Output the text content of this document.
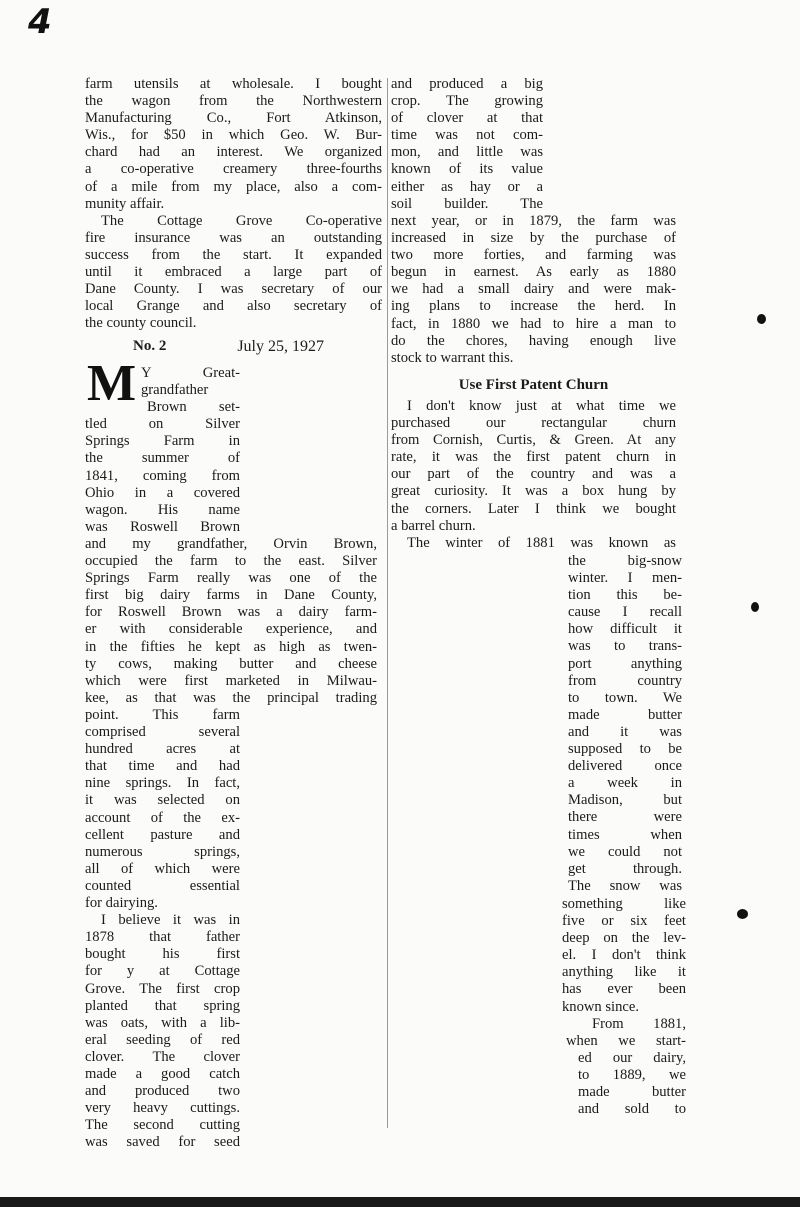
4
farm utensils at wholesale. I bought
the wagon from the Northwestern
Manufacturing Co., Fort Atkinson,
Wis., for $50 in which Geo. W. Bur-
chard had an interest. We organized
a co-operative creamery three-fourths
of a mile from my place, also a com-
munity affair.
The Cottage Grove Co-operative
fire insurance was an outstanding
success from the start. It expanded
until it embraced a large part of
Dane County. I was secretary of our
local Grange and also secretary of
the county council.
No. 2	July 25, 1927
M Y Great-
grandfather
Brown set-
tled on Silver
Springs Farm in
the summer of
1841, coming from
Ohio in a covered
wagon. His name
was Roswell Brown
and my grandfather, Orvin Brown,
occupied the farm to the east. Silver
Springs Farm really was one of the
first big dairy farms in Dane County,
for Roswell Brown was a dairy farm-
er with considerable experience, and
in the fifties he kept as high as twen-
ty cows, making butter and cheese
which were first marketed in Milwau-
kee, as that was the principal trading
point. This farm
comprised several
hundred acres at
that time and had
nine springs. In fact,
it was selected on
account of the ex-
cellent pasture and
numerous springs,
all of which were
counted essential
for dairying.
I believe it was in
1878 that father
bought his first
for y at Cottage
Grove. The first crop
planted that spring
was oats, with a lib-
eral seeding of red
clover. The clover
made a good catch
and produced two
very heavy cuttings.
The second cutting
was saved for seed
and produced a big
crop. The growing
of clover at that
time was not com-
mon, and little was
known of its value
either as hay or a
soil builder. The
next year, or in 1879, the farm was
increased in size by the purchase of
two more forties, and farming was
begun in earnest. As early as 1880
we had a small dairy and were mak-
ing plans to increase the herd. In
fact, in 1880 we had to hire a man to
do the chores, having enough live
stock to warrant this.
Use First Patent Churn
I don't know just at what time we
purchased our rectangular churn
from Cornish, Curtis, & Green. At any
rate, it was the first patent churn in
our part of the country and was a
great curiosity. It was a box hung by
the corners. Later I think we bought
a barrel churn.
The winter of 1881 was known as
the big-snow
winter. I men-
tion this be-
cause I recall
how difficult it
was to trans-
port anything
from country
to town. We
made butter
and it was
supposed to be
delivered once
a week in
Madison, but
there were
times when
we could not
get through.
The snow was
something like
five or six feet
deep on the lev-
el. I don't think
anything like it
has ever been
known since.
From 1881,
when we start-
ed our dairy,
to 1889, we
made butter
and sold to
